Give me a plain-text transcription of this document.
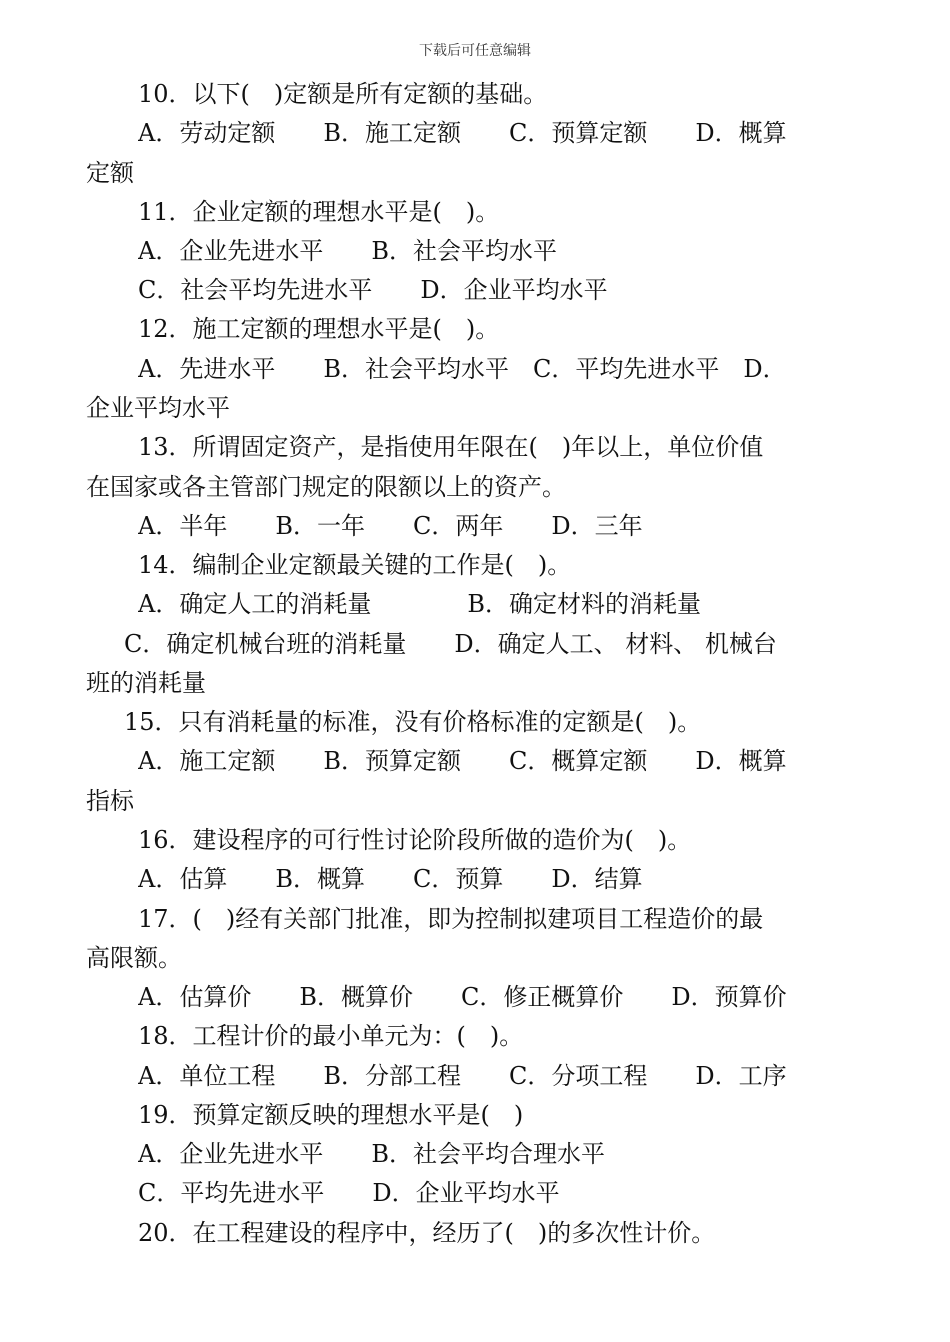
下载后可任意编辑
10．以下(　)定额是所有定额的基础。
A．劳动定额　　B．施工定额　　C．预算定额　　D．概算
定额
11．企业定额的理想水平是(　)。
A．企业先进水平　　B．社会平均水平
C．社会平均先进水平　　D．企业平均水平
12．施工定额的理想水平是(　)。
A．先进水平　　B．社会平均水平　C．平均先进水平　D．
企业平均水平
13．所谓固定资产，是指使用年限在(　)年以上，单位价值
在国家或各主管部门规定的限额以上的资产。
A．半年　　B．一年　　C．两年　　D．三年
14．编制企业定额最关键的工作是(　)。
A．确定人工的消耗量　　　　B．确定材料的消耗量
C．确定机械台班的消耗量　　D．确定人工、 材料、 机械台
班的消耗量
15．只有消耗量的标准，没有价格标准的定额是(　)。
A．施工定额　　B．预算定额　　C．概算定额　　D．概算
指标
16．建设程序的可行性讨论阶段所做的造价为(　)。
A．估算　　B．概算　　C．预算　　D．结算
17．(　)经有关部门批准，即为控制拟建项目工程造价的最
高限额。
A．估算价　　B．概算价　　C．修正概算价　　D．预算价
18．工程计价的最小单元为：(　)。
A．单位工程　　B．分部工程　　C．分项工程　　D．工序
19．预算定额反映的理想水平是(　)
A．企业先进水平　　B．社会平均合理水平
C．平均先进水平　　D．企业平均水平
20．在工程建设的程序中，经历了(　)的多次性计价。
